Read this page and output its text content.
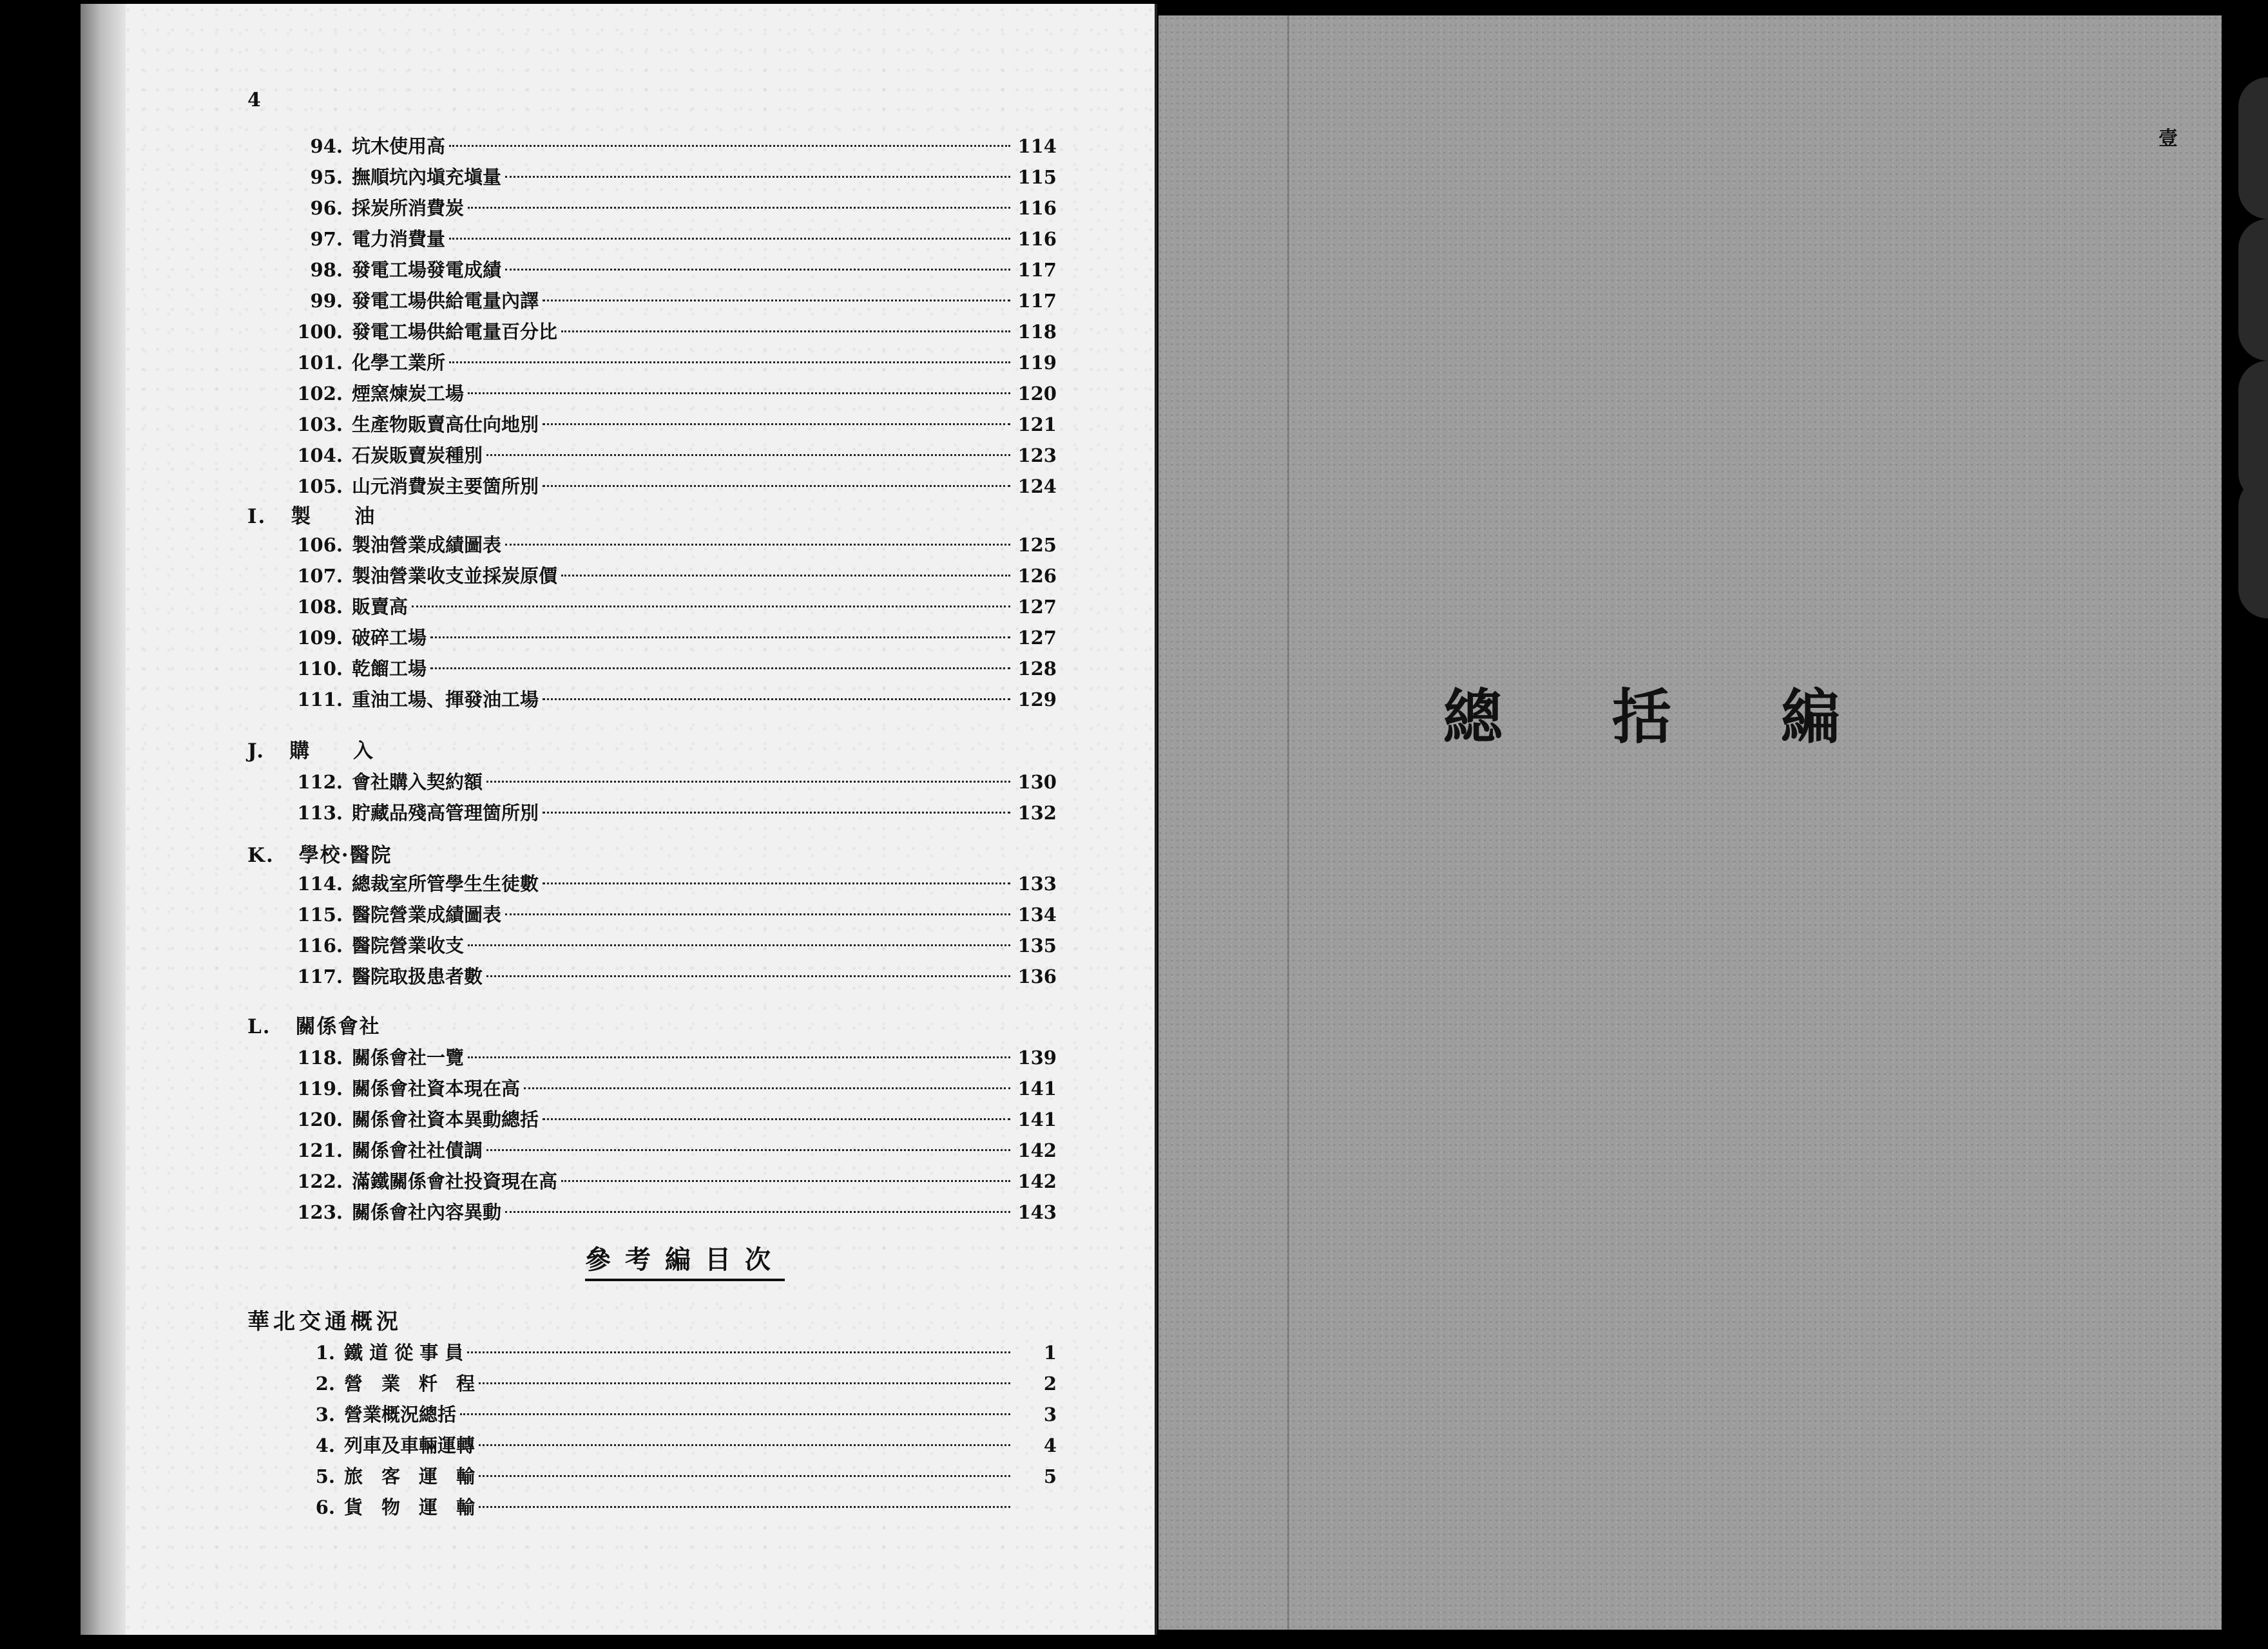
4
94. 坑木使用高	114
95. 撫順坑內塡充塡量	115
96. 採炭所消費炭	116
97. 電力消費量	116
98. 發電工場發電成績	117
99. 發電工場供給電量內譯	117
100. 發電工場供給電量百分比	118
101. 化學工業所	119
102. 煙窯煉炭工場	120
103. 生產物販賣高仕向地別	121
104. 石炭販賣炭種別	123
105. 山元消費炭主要箇所別	124
I. 製　　油
106. 製油營業成績圖表	125
107. 製油營業收支並採炭原價	126
108. 販賣高	127
109. 破碎工場	127
110. 乾餾工場	128
111. 重油工場、揮發油工場	129
J. 購　　入
112. 會社購入契約額	130
113. 貯藏品殘高管理箇所別	132
K. 學校·醫院
114. 總裁室所管學生生徒數	133
115. 醫院營業成績圖表	134
116. 醫院營業收支	135
117. 醫院取扱患者數	136
L. 關係會社
118. 關係會社一覽	139
119. 關係會社資本現在高	141
120. 關係會社資本異動總括	141
121. 關係會社社債調	142
122. 滿鐵關係會社投資現在高	142
123. 關係會社內容異動	143
參考編目次
華北交通概況
1. 鐵 道 從 事 員	1
2. 營　業　粁　程	2
3. 營業概況總括	3
4. 列車及車輛運轉	4
5. 旅　客　運　輸	5
6. 貨　物　運　輸
總括編
壹
